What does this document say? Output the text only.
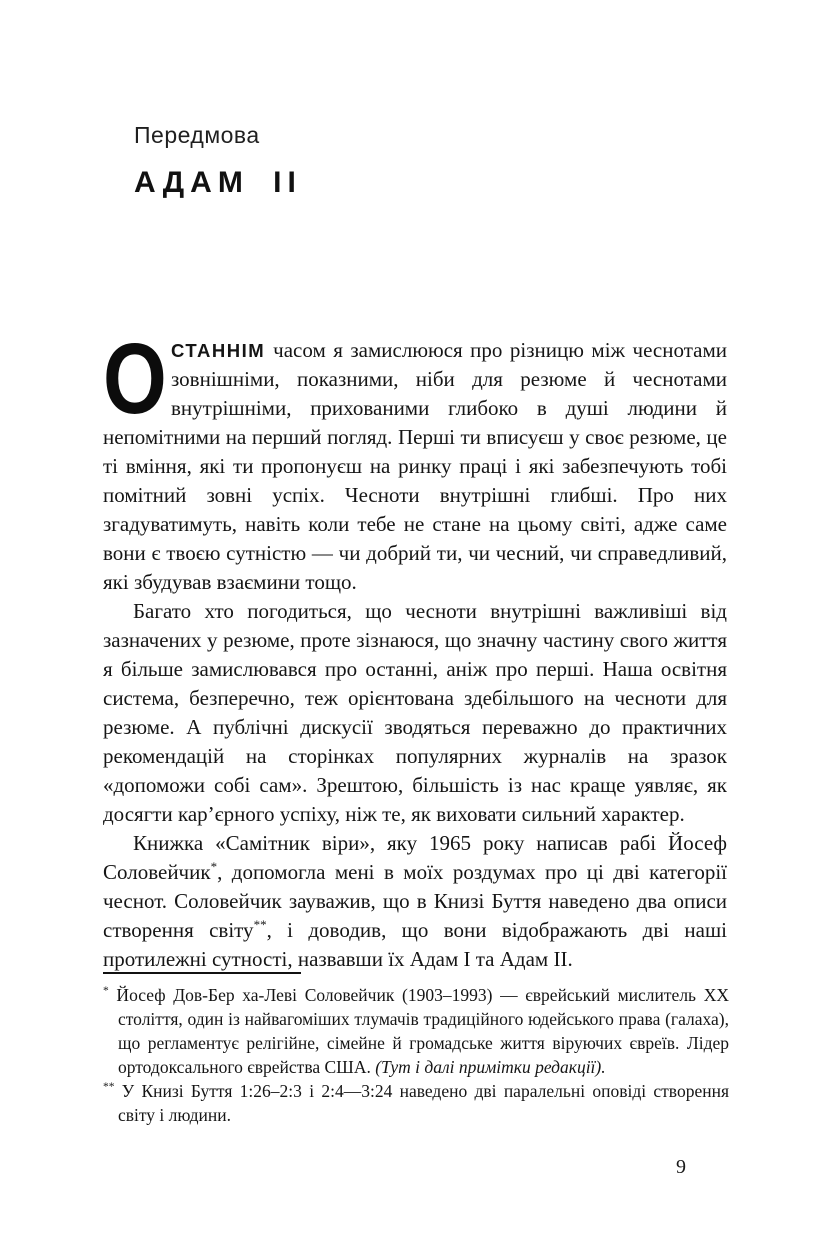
Передмова
АДАМ II

ОСТАННІМ часом я замислююся про різницю між чеснотами зовнішніми, показними, ніби для резюме й чеснотами внутрішніми, прихованими глибоко в душі людини й непомітними на перший погляд. Перші ти вписуєш у своє резюме, це ті вміння, які ти пропонуєш на ринку праці і які забезпечують тобі помітний зовні успіх. Чесноти внутрішні глибші. Про них згадуватимуть, навіть коли тебе не стане на цьому світі, адже саме вони є твоєю сутністю — чи добрий ти, чи чесний, чи справедливий, які збудував взаємини тощо.

Багато хто погодиться, що чесноти внутрішні важливіші від зазначених у резюме, проте зізнаюся, що значну частину свого життя я більше замислювався про останні, аніж про перші. Наша освітня система, безперечно, теж орієнтована здебільшого на чесноти для резюме. А публічні дискусії зводяться переважно до практичних рекомендацій на сторінках популярних журналів на зразок «допоможи собі сам». Зрештою, більшість із нас краще уявляє, як досягти кар’єрного успіху, ніж те, як виховати сильний характер.

Книжка «Самітник віри», яку 1965 року написав рабі Йосеф Соловейчик*, допомогла мені в моїх роздумах про ці дві категорії чеснот. Соловейчик зауважив, що в Книзі Буття наведено два описи створення світу**, і доводив, що вони відображають дві наші протилежні сутності, назвавши їх Адам I та Адам II.

* Йосеф Дов-Бер ха-Леві Соловейчик (1903–1993) — єврейський мислитель ХХ століття, один із найвагоміших тлумачів традиційного юдейського права (галаха), що регламентує релігійне, сімейне й громадське життя віруючих євреїв. Лідер ортодоксального єврейства США. (Тут і далі примітки редакції).

** У Книзі Буття 1:26–2:3 і 2:4—3:24 наведено дві паралельні оповіді створення світу і людини.

9
